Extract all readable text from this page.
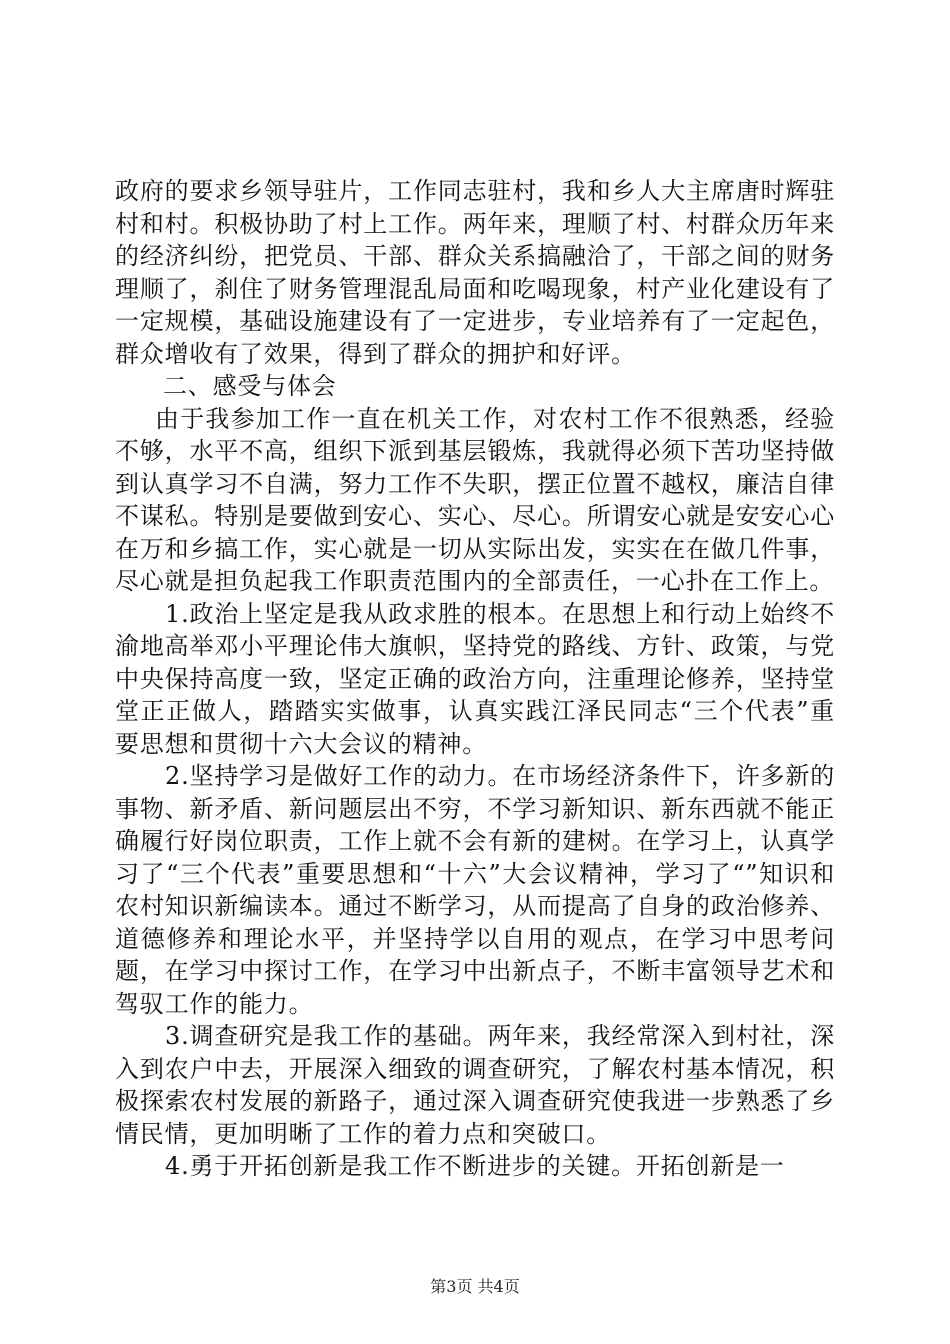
政府的要求乡领导驻片，工作同志驻村，我和乡人大主席唐时辉驻村和村。积极协助了村上工作。两年来，理顺了村、村群众历年来的经济纠纷，把党员、干部、群众关系搞融洽了，干部之间的财务理顺了，刹住了财务管理混乱局面和吃喝现象，村产业化建设有了一定规模，基础设施建设有了一定进步，专业培养有了一定起色，群众增收有了效果，得到了群众的拥护和好评。

二、感受与体会

由于我参加工作一直在机关工作，对农村工作不很熟悉，经验不够，水平不高，组织下派到基层锻炼，我就得必须下苦功坚持做到认真学习不自满，努力工作不失职，摆正位置不越权，廉洁自律不谋私。特别是要做到安心、实心、尽心。所谓安心就是安安心心在万和乡搞工作，实心就是一切从实际出发，实实在在做几件事，尽心就是担负起我工作职责范围内的全部责任，一心扑在工作上。

1.政治上坚定是我从政求胜的根本。在思想上和行动上始终不渝地高举邓小平理论伟大旗帜，坚持党的路线、方针、政策，与党中央保持高度一致，坚定正确的政治方向，注重理论修养，坚持堂堂正正做人，踏踏实实做事，认真实践江泽民同志“三个代表”重要思想和贯彻十六大会议的精神。

2.坚持学习是做好工作的动力。在市场经济条件下，许多新的事物、新矛盾、新问题层出不穷，不学习新知识、新东西就不能正确履行好岗位职责，工作上就不会有新的建树。在学习上，认真学习了“三个代表”重要思想和“十六”大会议精神，学习了“”知识和农村知识新编读本。通过不断学习，从而提高了自身的政治修养、道德修养和理论水平，并坚持学以自用的观点，在学习中思考问题，在学习中探讨工作，在学习中出新点子，不断丰富领导艺术和驾驭工作的能力。

3.调查研究是我工作的基础。两年来，我经常深入到村社，深入到农户中去，开展深入细致的调查研究，了解农村基本情况，积极探索农村发展的新路子，通过深入调查研究使我进一步熟悉了乡情民情，更加明晰了工作的着力点和突破口。

4.勇于开拓创新是我工作不断进步的关键。开拓创新是一

第3页 共4页
